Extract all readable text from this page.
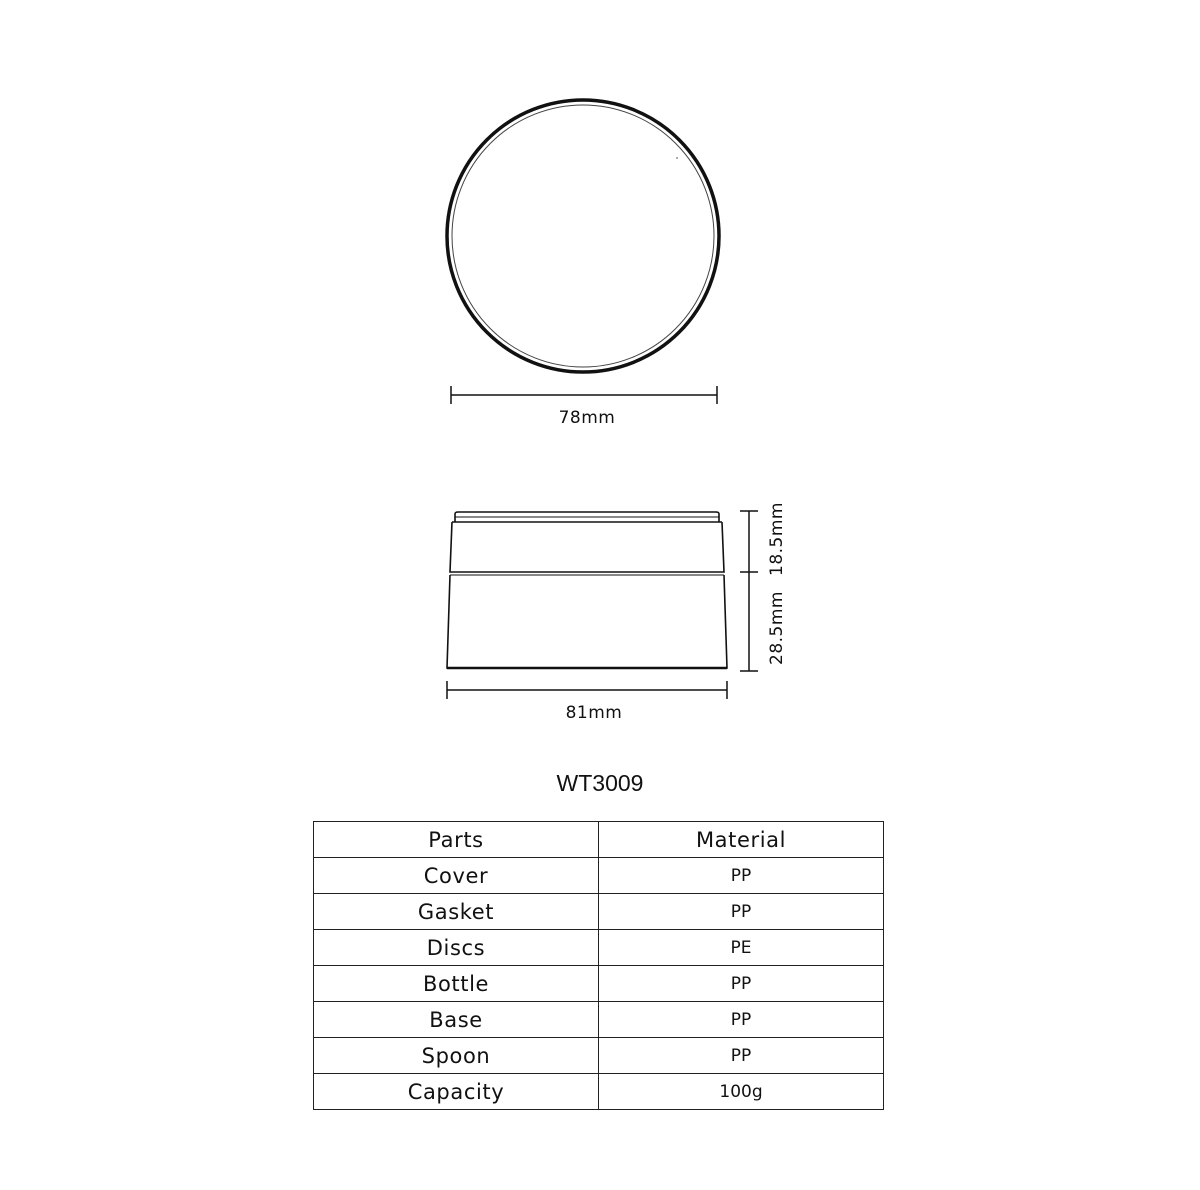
78mm
18.5mm
28.5mm
81mm
WT3009
Parts	Material
Cover	PP
Gasket	PP
Discs	PE
Bottle	PP
Base	PP
Spoon	PP
Capacity	100g
